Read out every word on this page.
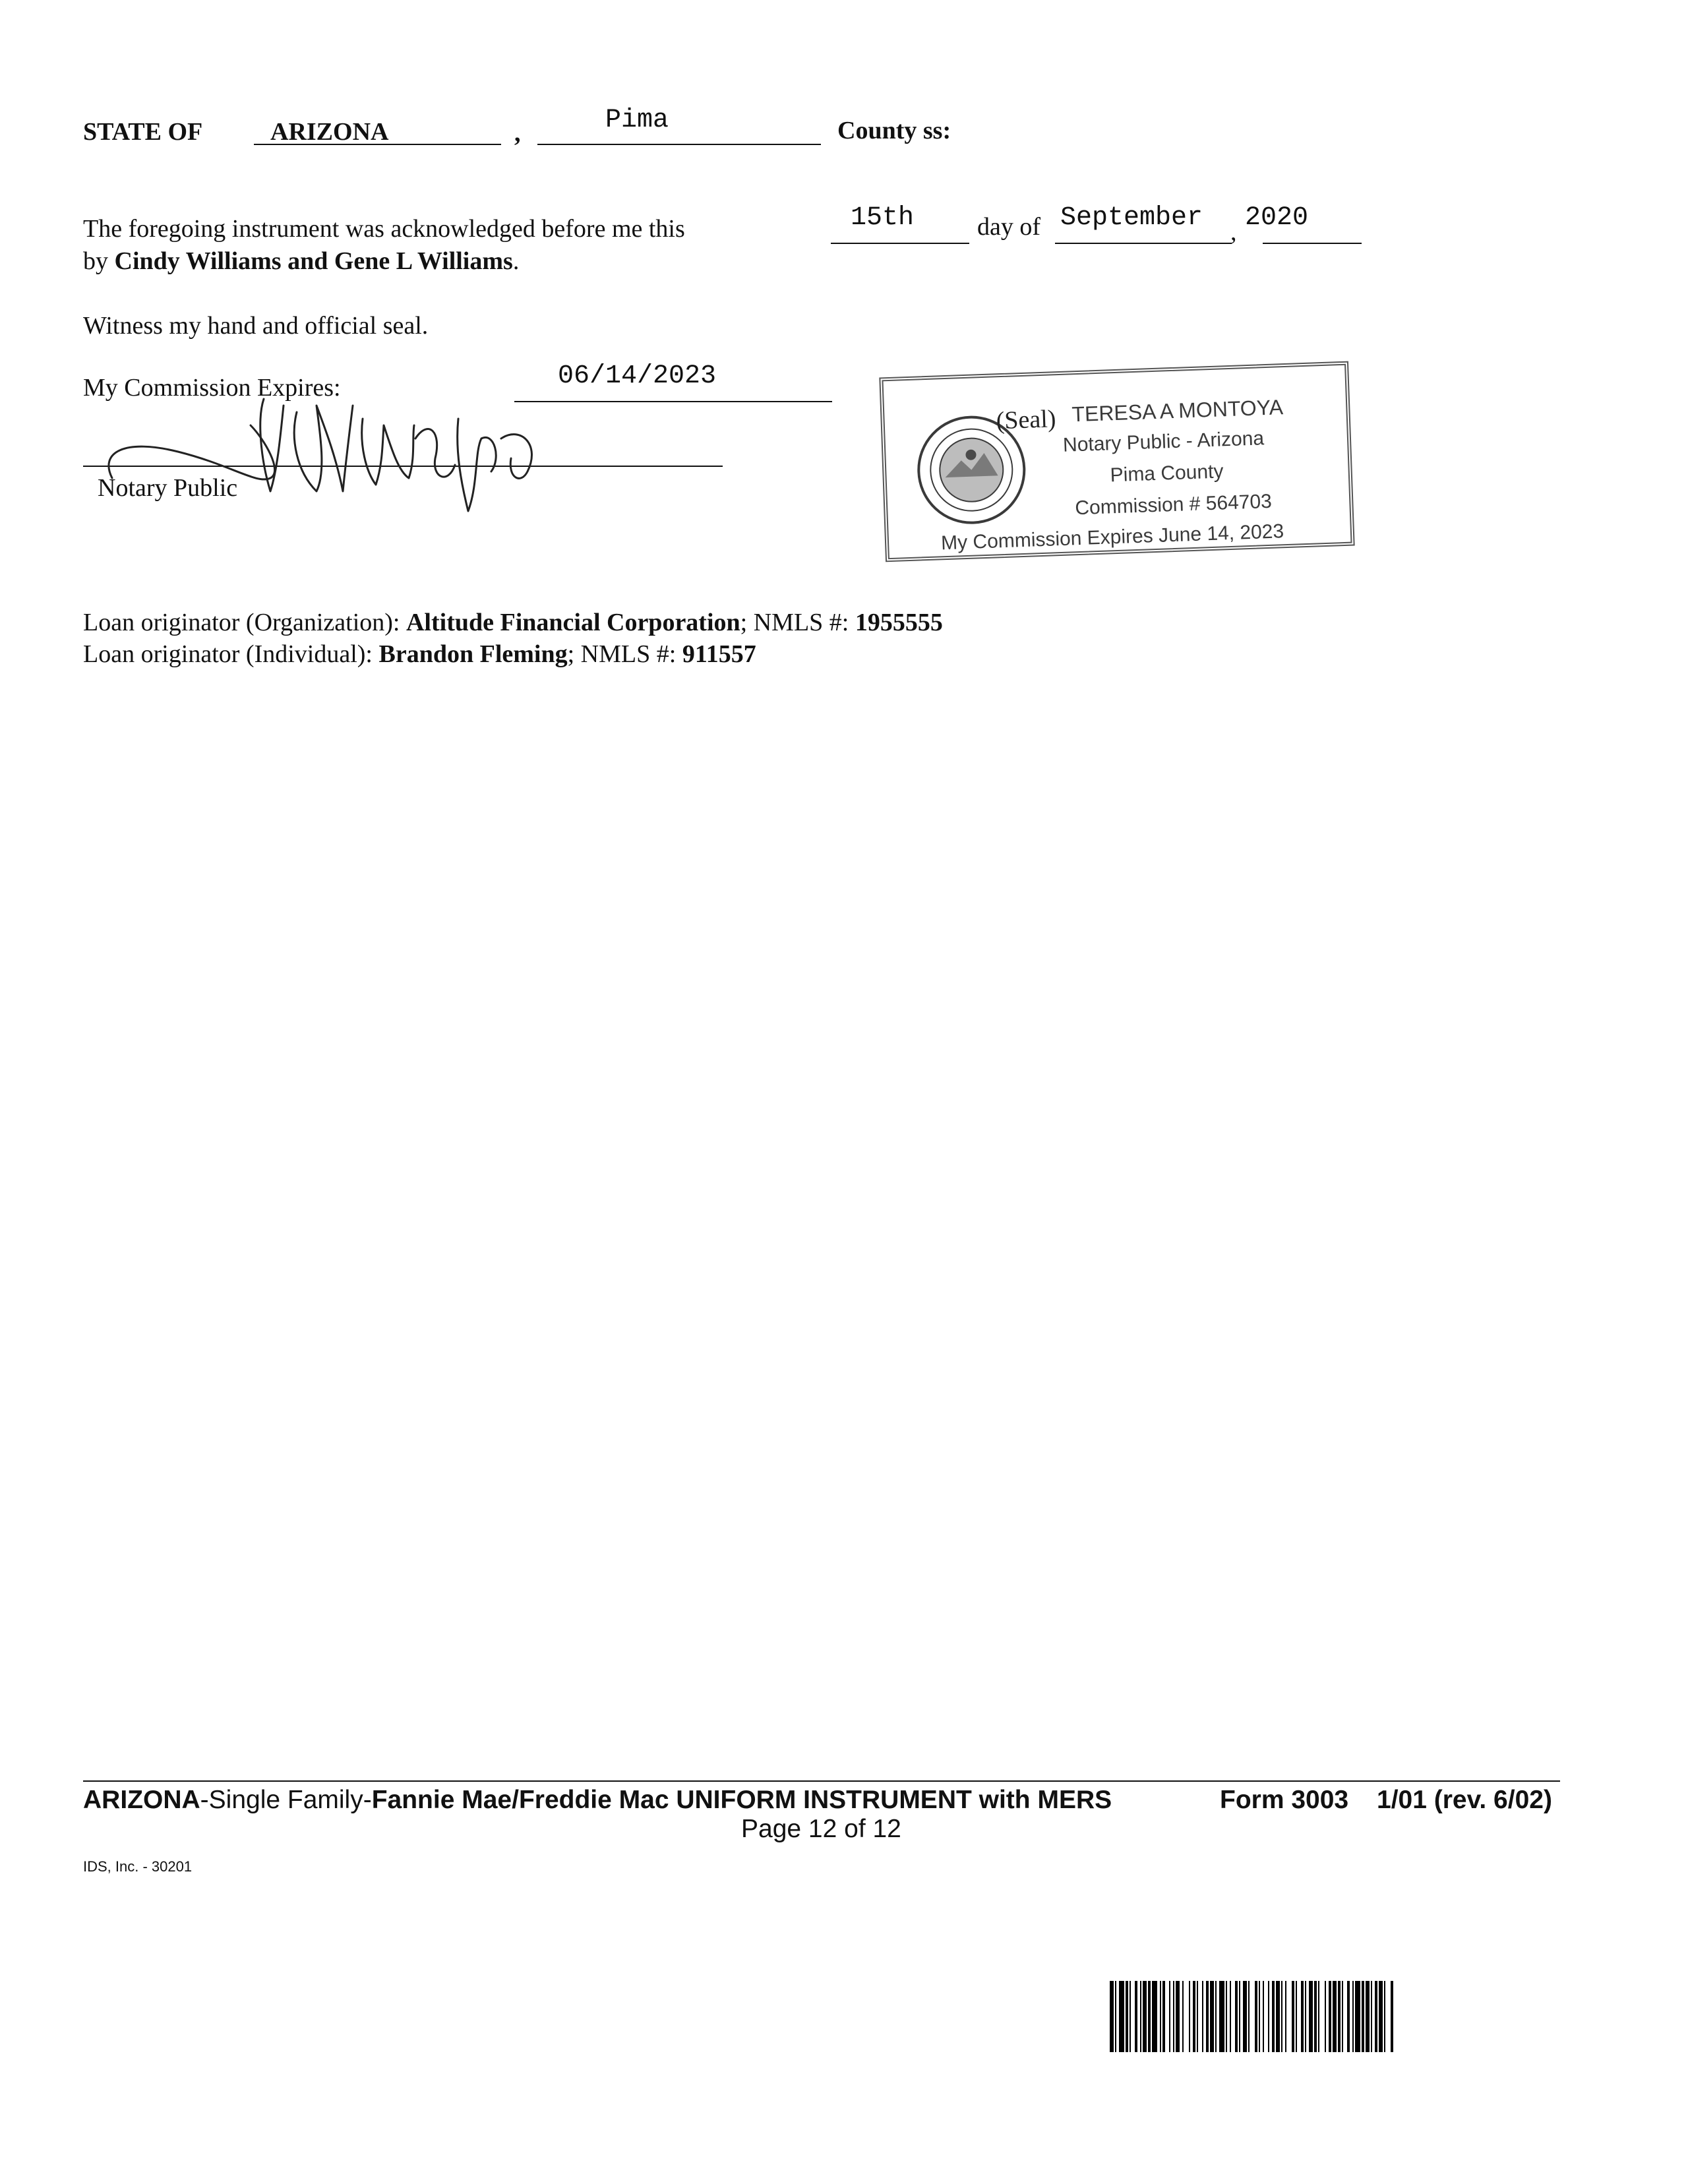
STATE OF	ARIZONA	,	Pima	County ss:
The foregoing instrument was acknowledged before me this	15th	day of September , 2020
by Cindy Williams and Gene L Williams.
Witness my hand and official seal.
My Commission Expires:	06/14/2023
Notary Public
(Seal) TERESA A MONTOYA
Notary Public - Arizona
Pima County
Commission # 564703
My Commission Expires June 14, 2023
Loan originator (Organization): Altitude Financial Corporation; NMLS #: 1955555
Loan originator (Individual): Brandon Fleming; NMLS #: 911557
ARIZONA-Single Family-Fannie Mae/Freddie Mac UNIFORM INSTRUMENT with MERS	Form 3003 1/01 (rev. 6/02)
Page 12 of 12
IDS, Inc. - 30201
